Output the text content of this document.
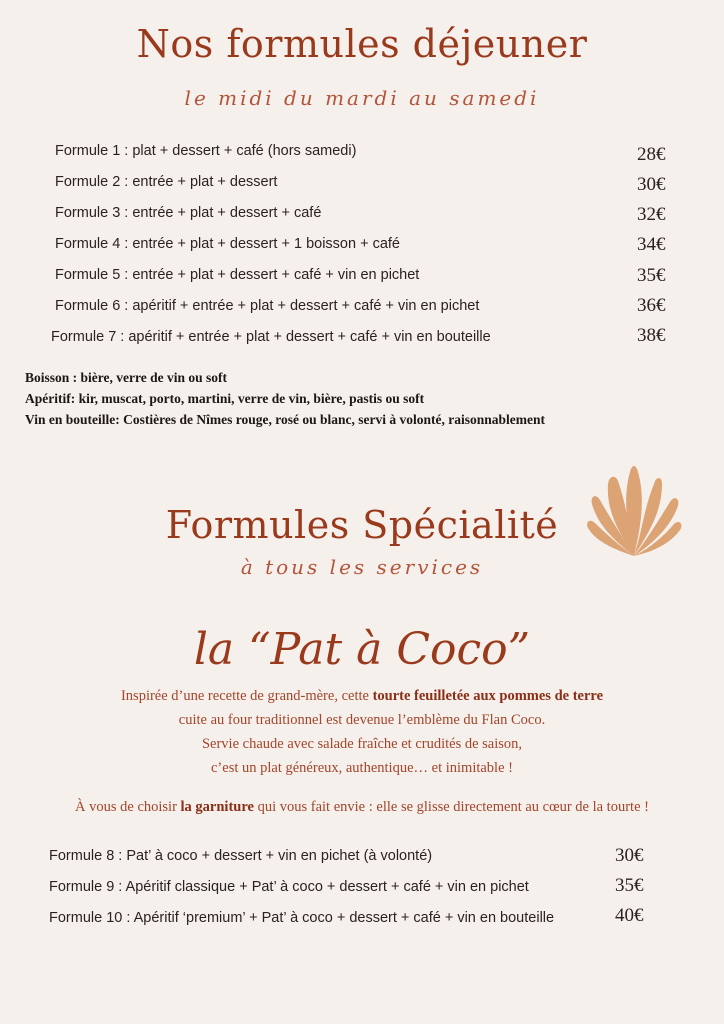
Nos formules déjeuner
le midi du mardi au samedi
Formule 1 : plat + dessert + café (hors samedi)	28€
Formule 2 : entrée + plat + dessert	30€
Formule 3 : entrée + plat + dessert + café	32€
Formule 4 : entrée + plat + dessert + 1 boisson + café	34€
Formule 5 : entrée + plat + dessert + café + vin en pichet	35€
Formule 6 : apéritif + entrée + plat + dessert + café + vin en pichet	36€
Formule 7 : apéritif + entrée + plat + dessert + café + vin en bouteille	38€
Boisson : bière, verre de vin ou soft
Apéritif: kir, muscat, porto, martini, verre de vin, bière, pastis ou soft
Vin en bouteille: Costières de Nîmes rouge, rosé ou blanc, servi à volonté, raisonnablement
Formules Spécialité
à tous les services
la “Pat à Coco”
Inspirée d’une recette de grand-mère, cette tourte feuilletée aux pommes de terre
cuite au four traditionnel est devenue l’emblème du Flan Coco.
Servie chaude avec salade fraîche et crudités de saison,
c’est un plat généreux, authentique… et inimitable !
À vous de choisir la garniture qui vous fait envie : elle se glisse directement au cœur de la tourte !
Formule 8 : Pat’ à coco + dessert + vin en pichet (à volonté)	30€
Formule 9 : Apéritif classique + Pat’ à coco + dessert + café + vin en pichet	35€
Formule 10 : Apéritif ‘premium’ + Pat’ à coco + dessert + café + vin en bouteille	40€
